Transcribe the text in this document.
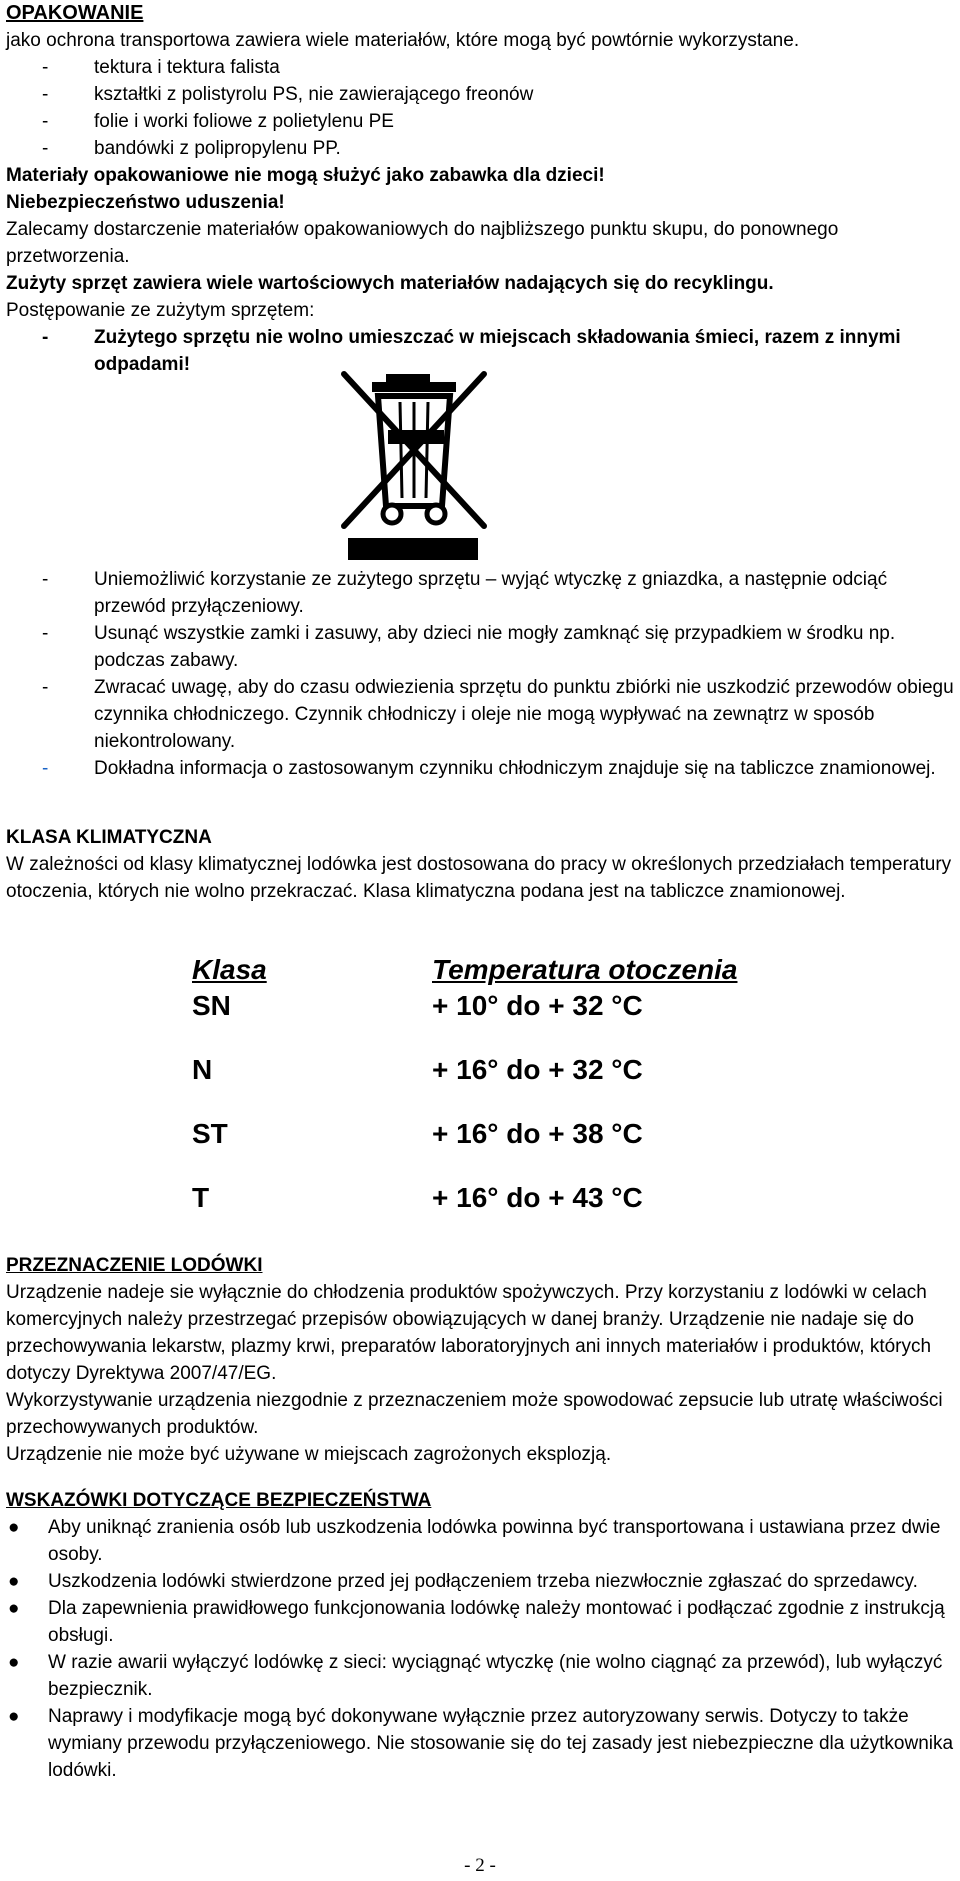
OPAKOWANIE

jako ochrona transportowa zawiera wiele materiałów, które mogą być powtórnie wykorzystane.

-	tektura i tektura falista
-	kształtki z polistyrolu PS, nie zawierającego freonów
-	folie i worki foliowe z polietylenu PE
-	bandówki z polipropylenu PP.

Materiały opakowaniowe nie mogą służyć jako zabawka dla dzieci!

Niebezpieczeństwo uduszenia!

Zalecamy dostarczenie materiałów opakowaniowych do najbliższego punktu skupu, do ponownego przetworzenia.

Zużyty sprzęt zawiera wiele wartościowych materiałów nadających się do recyklingu.

Postępowanie ze zużytym sprzętem:

-	Zużytego sprzętu nie wolno umieszczać w miejscach składowania śmieci, razem z innymi odpadami!
-	Uniemożliwić korzystanie ze zużytego sprzętu – wyjąć wtyczkę z gniazdka, a następnie odciąć przewód przyłączeniowy.
-	Usunąć wszystkie zamki i zasuwy, aby dzieci nie mogły zamknąć się przypadkiem w środku np. podczas zabawy.
-	Zwracać uwagę, aby do czasu odwiezienia sprzętu do punktu zbiórki nie uszkodzić przewodów obiegu czynnika chłodniczego. Czynnik chłodniczy i oleje nie mogą wypływać na zewnątrz w sposób niekontrolowany.
-	Dokładna informacja o zastosowanym czynniku chłodniczym znajduje się na tabliczce znamionowej.

KLASA KLIMATYCZNA

W zależności od klasy klimatycznej lodówka jest dostosowana do pracy w określonych przedziałach temperatury otoczenia, których nie wolno przekraczać. Klasa klimatyczna podana jest na tabliczce znamionowej.

Klasa	Temperatura otoczenia
SN	+ 10° do + 32 °C
N	+ 16° do + 32 °C
ST	+ 16° do + 38 °C
T	+ 16° do + 43 °C

PRZEZNACZENIE LODÓWKI

Urządzenie nadeje sie wyłącznie do chłodzenia produktów spożywczych. Przy korzystaniu z lodówki w celach komercyjnych należy przestrzegać przepisów obowiązujących w danej branży. Urządzenie nie nadaje się do przechowywania lekarstw, plazmy krwi, preparatów laboratoryjnych ani innych materiałów i produktów, których dotyczy Dyrektywa 2007/47/EG.

Wykorzystywanie urządzenia niezgodnie z przeznaczeniem może spowodować zepsucie lub utratę właściwości przechowywanych produktów.

Urządzenie nie może być używane w miejscach zagrożonych eksplozją.

WSKAZÓWKI DOTYCZĄCE BEZPIECZEŃSTWA

●	Aby uniknąć zranienia osób lub uszkodzenia lodówka powinna być transportowana i ustawiana przez dwie osoby.
●	Uszkodzenia lodówki stwierdzone przed jej podłączeniem trzeba niezwłocznie zgłaszać do sprzedawcy.
●	Dla zapewnienia prawidłowego funkcjonowania lodówkę należy montować i podłączać zgodnie z instrukcją obsługi.
●	W razie awarii wyłączyć lodówkę z sieci: wyciągnąć wtyczkę (nie wolno ciągnąć za przewód), lub wyłączyć bezpiecznik.
●	Naprawy i modyfikacje mogą być dokonywane wyłącznie przez autoryzowany serwis. Dotyczy to także wymiany przewodu przyłączeniowego. Nie stosowanie się do tej zasady jest niebezpieczne dla użytkownika lodówki.
- 2 -
